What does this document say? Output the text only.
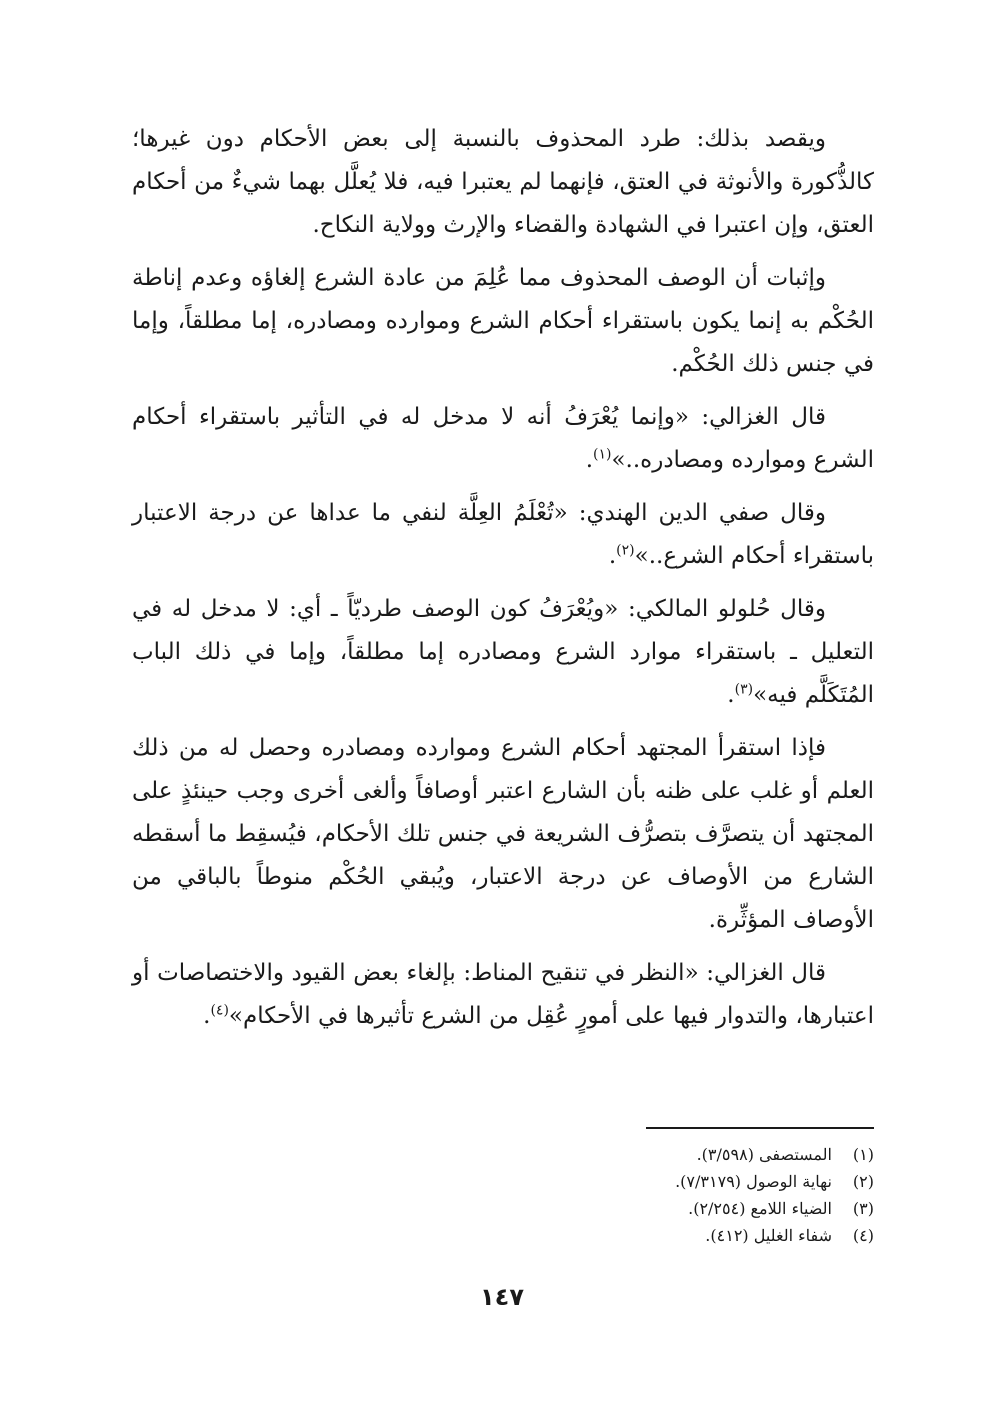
ويقصد بذلك: طرد المحذوف بالنسبة إلى بعض الأحكام دون غيرها؛ كالذُّكورة والأنوثة في العتق، فإنهما لم يعتبرا فيه، فلا يُعلَّل بهما شيءٌ من أحكام العتق، وإن اعتبرا في الشهادة والقضاء والإرث وولاية النكاح.

وإثبات أن الوصف المحذوف مما عُلِمَ من عادة الشرع إلغاؤه وعدم إناطة الحُكْم به إنما يكون باستقراء أحكام الشرع وموارده ومصادره، إما مطلقاً، وإما في جنس ذلك الحُكْم.

قال الغزالي: «وإنما يُعْرَفُ أنه لا مدخل له في التأثير باستقراء أحكام الشرع وموارده ومصادره..»$^{(١)}$.

وقال صفي الدين الهندي: «تُعْلَمُ العِلَّة لنفي ما عداها عن درجة الاعتبار باستقراء أحكام الشرع..»$^{(٢)}$.

وقال حُلولو المالكي: «ويُعْرَفُ كون الوصف طرديّاً ـ أي: لا مدخل له في التعليل ـ باستقراء موارد الشرع ومصادره إما مطلقاً، وإما في ذلك الباب المُتَكَلَّم فيه»$^{(٣)}$.

فإذا استقرأ المجتهد أحكام الشرع وموارده ومصادره وحصل له من ذلك العلم أو غلب على ظنه بأن الشارع اعتبر أوصافاً وألغى أخرى وجب حينئذٍ على المجتهد أن يتصرَّف بتصرُّف الشريعة في جنس تلك الأحكام، فيُسقِط ما أسقطه الشارع من الأوصاف عن درجة الاعتبار، ويُبقي الحُكْم منوطاً بالباقي من الأوصاف المؤثِّرة.

قال الغزالي: «النظر في تنقيح المناط: بإلغاء بعض القيود والاختصاصات أو اعتبارها، والتدوار فيها على أمورٍ عُقِل من الشرع تأثيرها في الأحكام»$^{(٤)}$.

(١)
المستصفى (٣/٥٩٨).
(٢)
نهاية الوصول (٧/٣١٧٩).
(٣)
الضياء اللامع (٢/٢٥٤).
(٤)
شفاء الغليل (٤١٢).
١٤٧
